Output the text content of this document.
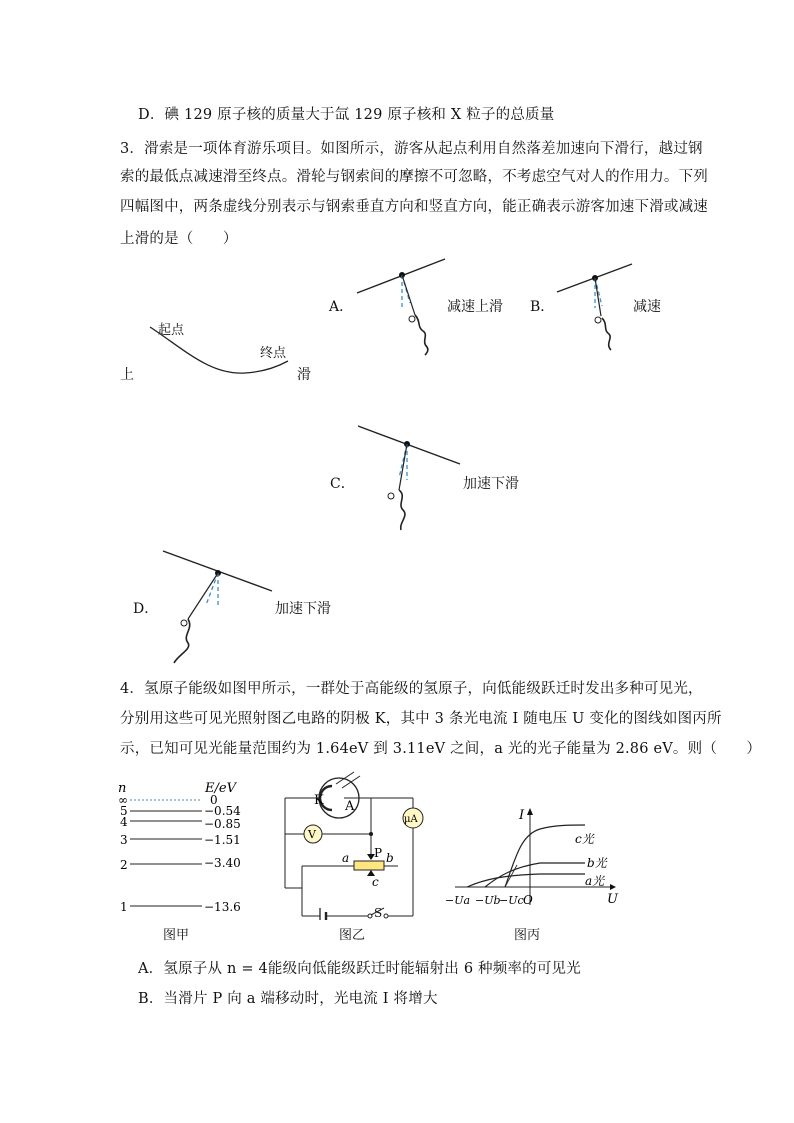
D．碘 129 原子核的质量大于氙 129 原子核和 X 粒子的总质量
3．滑索是一项体育游乐项目。如图所示，游客从起点利用自然落差加速向下滑行，越过钢
索的最低点减速滑至终点。滑轮与钢索间的摩擦不可忽略，不考虑空气对人的作用力。下列
四幅图中，两条虚线分别表示与钢索垂直方向和竖直方向，能正确表示游客加速下滑或减速
上滑的是（　　）
起点
终点
上	滑
A．	减速上滑 B．	减速
C．	加速下滑
D．	加速下滑
4．氢原子能级如图甲所示，一群处于高能级的氢原子，向低能级跃迁时发出多种可见光，
分别用这些可见光照射图乙电路的阴极 K，其中 3 条光电流 I 随电压 U 变化的图线如图丙所
示，已知可见光能量范围约为 1.64eV 到 3.11eV 之间，a 光的光子能量为 2.86 eV。则（　　）
n	E/eV
∞	0
5	−0.54
4	−0.85
3	−1.51
2	−3.40
1	−13.6
图甲
K A
μA
V
P
a	b
c
S
图乙
I
U
O
c光
b光
a光
−Ua −Ub
−Uc
图丙
A．氢原子从 n = 4能级向低能级跃迁时能辐射出 6 种频率的可见光
B．当滑片 P 向 a 端移动时，光电流 I 将增大
